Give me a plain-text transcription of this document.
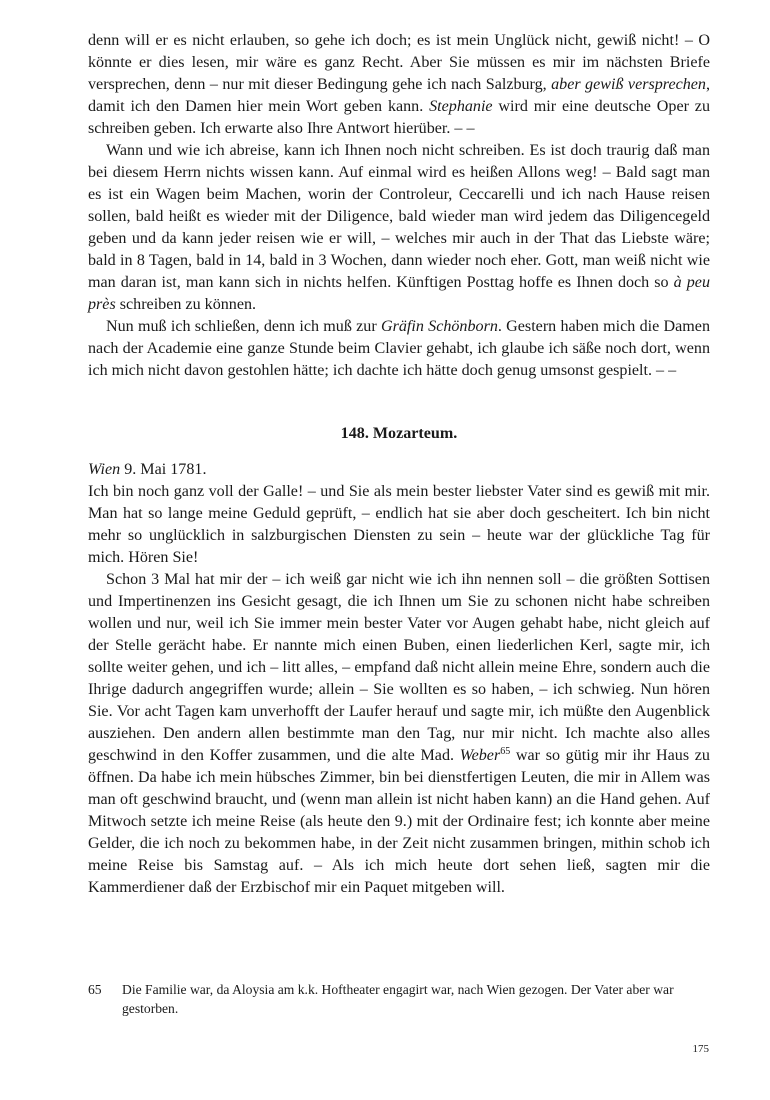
denn will er es nicht erlauben, so gehe ich doch; es ist mein Unglück nicht, gewiß nicht! – O könnte er dies lesen, mir wäre es ganz Recht. Aber Sie müssen es mir im nächsten Briefe versprechen, denn – nur mit dieser Bedingung gehe ich nach Salzburg, aber gewiß versprechen, damit ich den Damen hier mein Wort geben kann. Stephanie wird mir eine deutsche Oper zu schreiben geben. Ich erwarte also Ihre Antwort hierüber. – –

Wann und wie ich abreise, kann ich Ihnen noch nicht schreiben. Es ist doch traurig daß man bei diesem Herrn nichts wissen kann. Auf einmal wird es heißen Allons weg! – Bald sagt man es ist ein Wagen beim Machen, worin der Controleur, Ceccarelli und ich nach Hause reisen sollen, bald heißt es wieder mit der Diligence, bald wieder man wird jedem das Diligencegeld geben und da kann jeder reisen wie er will, – welches mir auch in der That das Liebste wäre; bald in 8 Tagen, bald in 14, bald in 3 Wochen, dann wieder noch eher. Gott, man weiß nicht wie man daran ist, man kann sich in nichts helfen. Künftigen Posttag hoffe es Ihnen doch so à peu près schreiben zu können.

Nun muß ich schließen, denn ich muß zur Gräfin Schönborn. Gestern haben mich die Damen nach der Academie eine ganze Stunde beim Clavier gehabt, ich glaube ich säße noch dort, wenn ich mich nicht davon gestohlen hätte; ich dachte ich hätte doch genug umsonst gespielt. – –

148. Mozarteum.

Wien 9. Mai 1781.

Ich bin noch ganz voll der Galle! – und Sie als mein bester liebster Vater sind es gewiß mit mir. Man hat so lange meine Geduld geprüft, – endlich hat sie aber doch gescheitert. Ich bin nicht mehr so unglücklich in salzburgischen Diensten zu sein – heute war der glückliche Tag für mich. Hören Sie!

Schon 3 Mal hat mir der – ich weiß gar nicht wie ich ihn nennen soll – die größten Sottisen und Impertinenzen ins Gesicht gesagt, die ich Ihnen um Sie zu schonen nicht habe schreiben wollen und nur, weil ich Sie immer mein bester Vater vor Augen gehabt habe, nicht gleich auf der Stelle gerächt habe. Er nannte mich einen Buben, einen liederlichen Kerl, sagte mir, ich sollte weiter gehen, und ich – litt alles, – empfand daß nicht allein meine Ehre, sondern auch die Ihrige dadurch angegriffen wurde; allein – Sie wollten es so haben, – ich schwieg. Nun hören Sie. Vor acht Tagen kam unverhofft der Laufer herauf und sagte mir, ich müßte den Augenblick ausziehen. Den andern allen bestimmte man den Tag, nur mir nicht. Ich machte also alles geschwind in den Koffer zusammen, und die alte Mad. Weber$^{65}$ war so gütig mir ihr Haus zu öffnen. Da habe ich mein hübsches Zimmer, bin bei dienstfertigen Leuten, die mir in Allem was man oft geschwind braucht, und (wenn man allein ist nicht haben kann) an die Hand gehen. Auf Mitwoch setzte ich meine Reise (als heute den 9.) mit der Ordinaire fest; ich konnte aber meine Gelder, die ich noch zu bekommen habe, in der Zeit nicht zusammen bringen, mithin schob ich meine Reise bis Samstag auf. – Als ich mich heute dort sehen ließ, sagten mir die Kammerdiener daß der Erzbischof mir ein Paquet mitgeben will.

65 Die Familie war, da Aloysia am k.k. Hoftheater engagirt war, nach Wien gezogen. Der Vater aber war gestorben.
175
